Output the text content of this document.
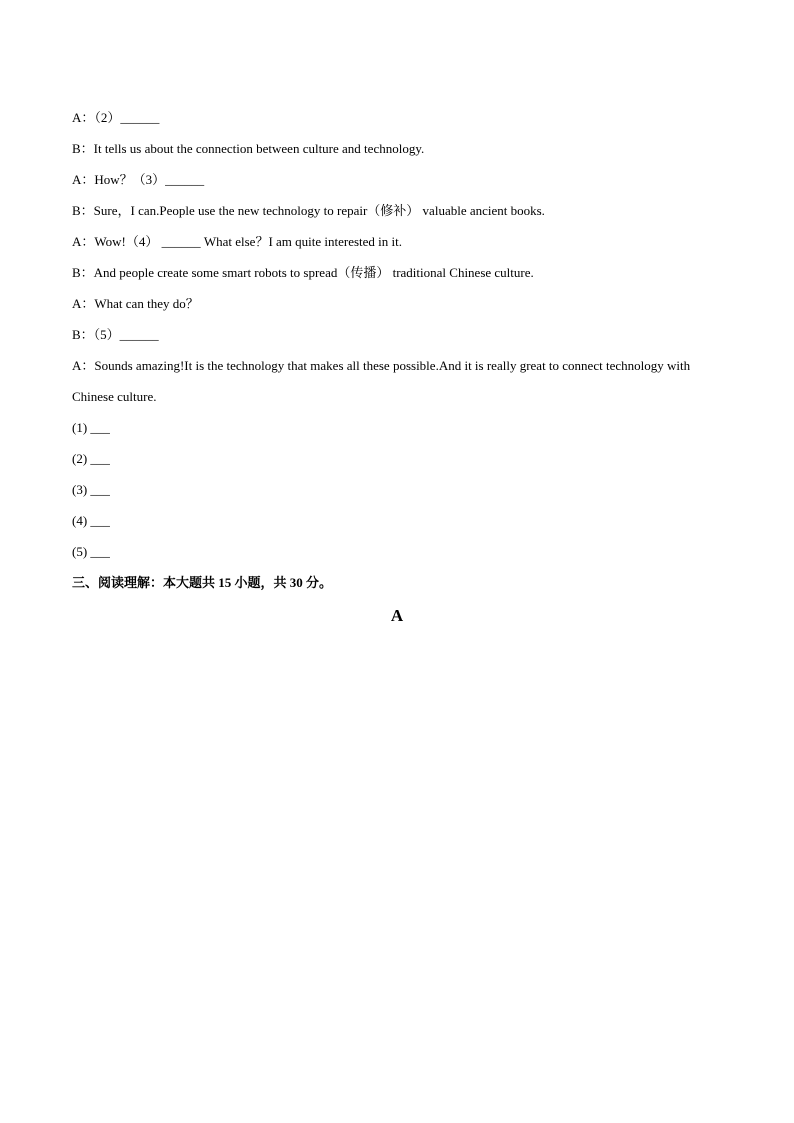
A：（2）______
B：It tells us about the connection between culture and technology.
A：How？（3）______
B：Sure，I can.People use the new technology to repair（修补） valuable ancient books.
A：Wow!（4） ______ What else？I am quite interested in it.
B：And people create some smart robots to spread（传播） traditional Chinese culture.
A：What can they do？
B：（5）______
A：Sounds amazing!It is the technology that makes all these possible.And it is really great to connect technology with Chinese culture.
(1) ___
(2) ___
(3) ___
(4) ___
(5) ___
三、阅读理解：本大题共 15 小题，共 30 分。
A
